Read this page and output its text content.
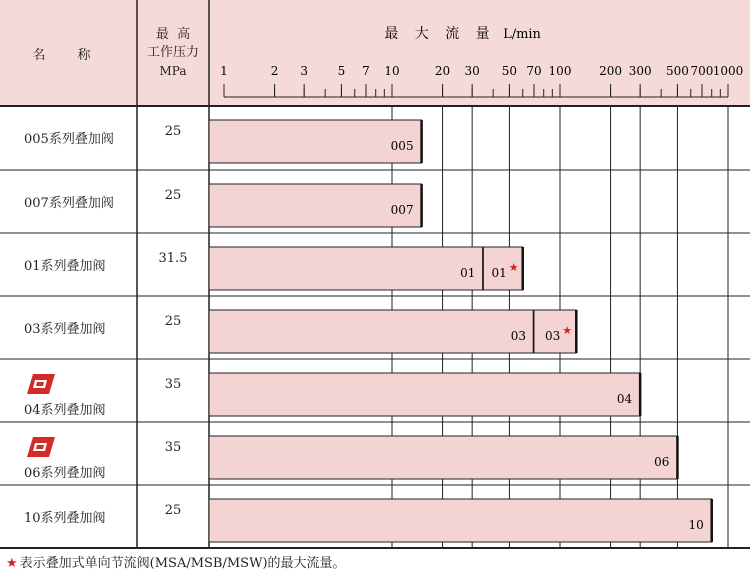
名 称
最  高
工作压力
MPa
005系列叠加阀
25
007系列叠加阀
25
01系列叠加阀
31.5
03系列叠加阀
25
04系列叠加阀
35
06系列叠加阀
35
10系列叠加阀
25
最 大 流 量 L/min
1	2 3 5 7 10	20 30 50 70 100 200 300 500 700 1000
005
007
01 01 ★
03 03 ★
04
06
10
★ 表示叠加式单向节流阀(MSA/MSB/MSW)的最大流量。
